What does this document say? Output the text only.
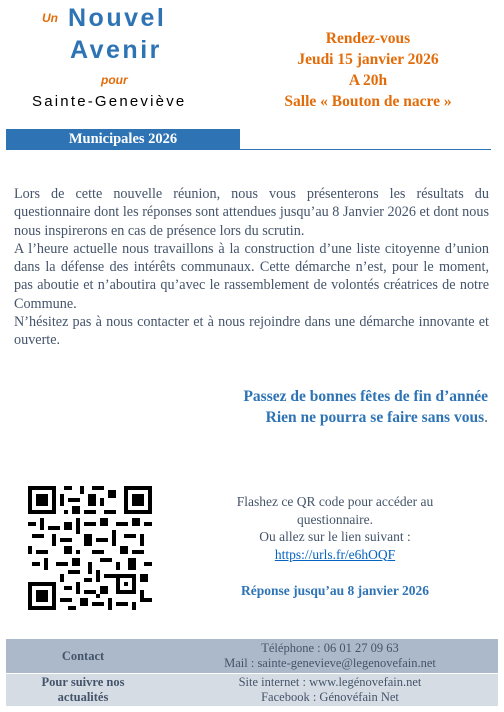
Un Nouvel
Avenir
pour
Sainte-Geneviève
Rendez-vous
Jeudi 15 janvier 2026
A 20h
Salle « Bouton de nacre »
Municipales 2026

Lors de cette nouvelle réunion, nous vous présenterons les résultats du questionnaire dont les réponses sont attendues jusqu’au 8 Janvier 2026 et dont nous nous inspirerons en cas de présence lors du scrutin.

A l’heure actuelle nous travaillons à la construction d’une liste citoyenne d’union dans la défense des intérêts communaux. Cette démarche n’est, pour le moment, pas aboutie et n’aboutira qu’avec le rassemblement de volontés créatrices de notre Commune.

N’hésitez pas à nous contacter et à nous rejoindre dans une démarche innovante et ouverte.

Passez de bonnes fêtes de fin d’année
Rien ne pourra se faire sans vous.
Flashez ce QR code pour accéder au questionnaire.
Ou allez sur le lien suivant :
https://urls.fr/e6hOQF
Réponse jusqu’au 8 janvier 2026
Contact
Téléphone : 06 01 27 09 63
Mail : sainte-genevieve@legenovefain.net
Pour suivre nos actualités
Site internet : www.legénovefain.net
Facebook : Génovéfain Net
